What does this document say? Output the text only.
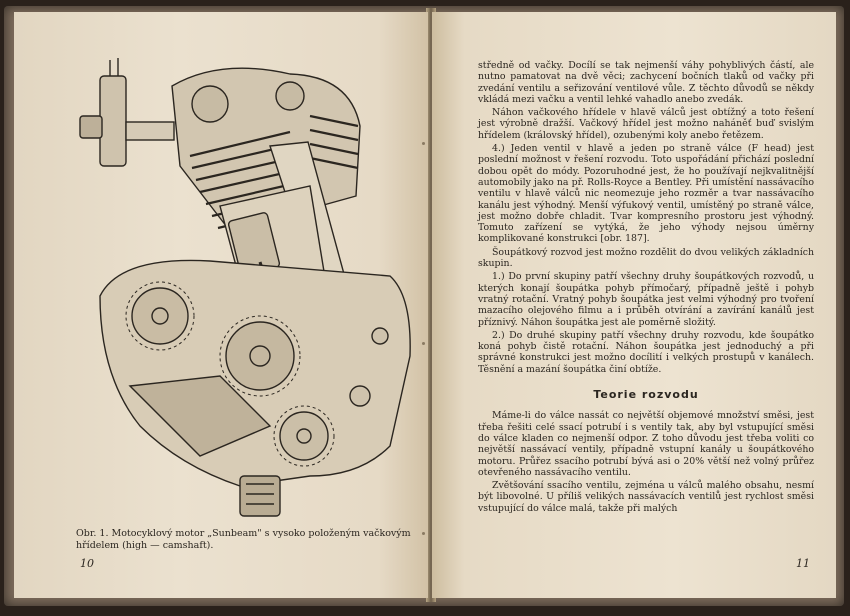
Obr. 1. Motocyklový motor „Sunbeam" s vysoko položeným vačkovým hřídelem (high — camshaft).
10

středně od vačky. Docílí se tak nejmenší váhy pohyblivých částí, ale nutno pamatovat na dvě věci; zachycení bočních tlaků od vačky při zvedání ventilu a seřizování ventilové vůle. Z těchto důvodů se někdy vkládá mezi vačku a ventil lehké vahadlo anebo zvedák.

Náhon vačkového hřídele v hlavě válců jest obtížný a toto řešení jest výrobně dražší. Vačkový hřídel jest možno naháněť buď svislým hřídelem (královský hřídel), ozubenými koly anebo řetězem.

4.) Jeden ventil v hlavě a jeden po straně válce (F head) jest poslední možnost v řešení rozvodu. Toto uspořádání přichází poslední dobou opět do módy. Pozoruhodné jest, že ho používají nejkvalitnější automobily jako na př. Rolls-Royce a Bentley. Při umístění nassávacího ventilu v hlavě válců nic neomezuje jeho rozměr a tvar nassávacího kanálu jest výhodný. Menší výfukový ventil, umístěný po straně válce, jest možno dobře chladit. Tvar kompresního prostoru jest výhodný. Tomuto zařízení se vytýká, že jeho výhody nejsou úměrny komplikované konstrukci [obr. 187].

Šoupátkový rozvod jest možno rozdělit do dvou velikých základních skupin.

1.) Do první skupiny patří všechny druhy šoupátkových rozvodů, u kterých konají šoupátka pohyb přímočarý, případně ještě i pohyb vratný rotační. Vratný pohyb šoupátka jest velmi výhodný pro tvoření mazacího olejového filmu a i průběh otvírání a zavírání kanálů jest příznivý. Náhon šoupátka jest ale poměrně složitý.

2.) Do druhé skupiny patří všechny druhy rozvodu, kde šoupátko koná pohyb čistě rotační. Náhon šoupátka jest jednoduchý a při správné konstrukci jest možno docílití i velkých prostupů v kanálech. Těsnění a mazání šoupátka činí obtíže.

Teorie rozvodu

Máme-li do válce nassát co největší objemové množství směsi, jest třeba řešiti celé ssací potrubí i s ventily tak, aby byl vstupující směsi do válce kladen co nejmenší odpor. Z toho důvodu jest třeba voliti co největší nassávací ventily, případně vstupní kanály u šoupátkového motoru. Průřez ssacího potrubí bývá asi o 20% větší než volný průřez otevřeného nassávacího ventilu.

Zvětšování ssacího ventilu, zejména u válců malého obsahu, nesmí být libovolné. U příliš velikých nassávacích ventilů jest rychlost směsi vstupující do válce malá, takže při malých

11
